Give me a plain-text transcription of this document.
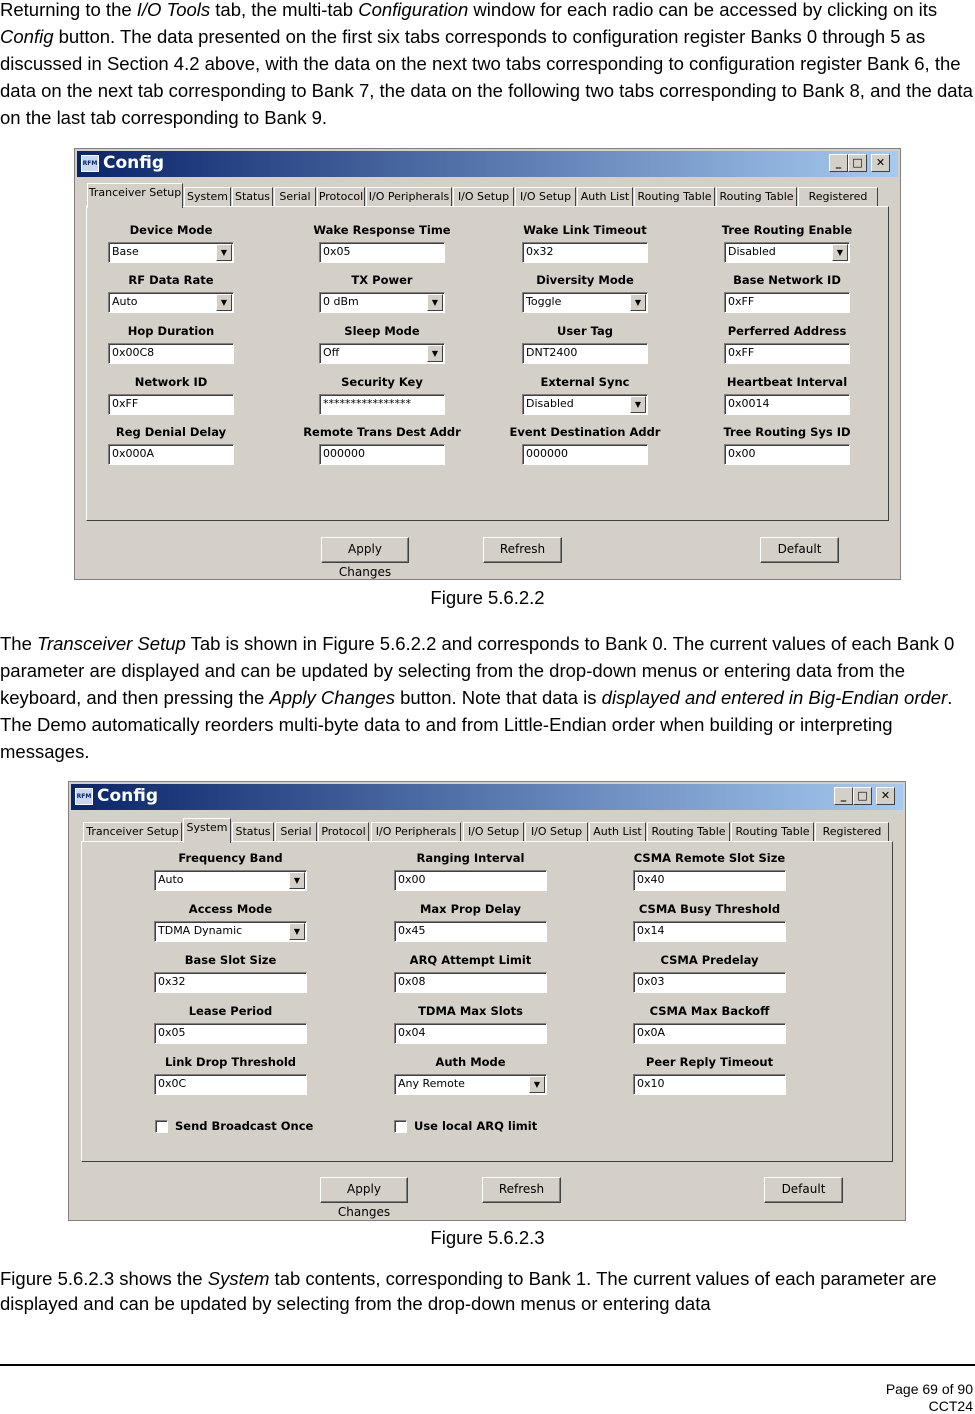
Returning to the I/O Tools tab, the multi-tab Configuration window for each radio can be accessed by clicking on its Config button. The data presented on the first six tabs corresponds to configuration register Banks 0 through 5 as discussed in Section 4.2 above, with the data on the next two tabs corresponding to configuration register Bank 6, the data on the next tab corresponding to Bank 7, the data on the following two tabs corresponding to Bank 8, and the data on the last tab corresponding to Bank 9.

RFM Config	_	□	✕
Tranceiver Setup System Status Serial Protocol I/O Peripherals I/O Setup I/O Setup Auth List Routing Table Routing Table	Registered
Device Mode
Base	▼
Wake Response Time
0x05
Wake Link Timeout
0x32
Tree Routing Enable
Disabled	▼
RF Data Rate
Auto	▼
TX Power
0 dBm	▼
Diversity Mode
Toggle	▼
Base Network ID
0xFF
Hop Duration
0x00C8
Sleep Mode
Off	▼
User Tag
DNT2400
Perferred Address
0xFF
Network ID
0xFF
Security Key
****************
External Sync
Disabled	▼
Heartbeat Interval
0x0014
Reg Denial Delay
0x000A
Remote Trans Dest Addr
000000
Event Destination Addr
000000
Tree Routing Sys ID
0x00
Apply Changes
Refresh	Default
Figure 5.6.2.2

The Transceiver Setup Tab is shown in Figure 5.6.2.2 and corresponds to Bank 0. The current values of each Bank 0 parameter are displayed and can be updated by selecting from the drop-down menus or entering data from the keyboard, and then pressing the Apply Changes button. Note that data is displayed and entered in Big-Endian order. The Demo automatically reorders multi-byte data to and from Little-Endian order when building or interpreting messages.

RFM Config	_	□	✕
Tranceiver Setup System Status Serial Protocol I/O Peripherals	I/O Setup	I/O Setup	Auth List Routing Table Routing Table	Registered
Frequency Band
Auto	▼
Ranging Interval
0x00
CSMA Remote Slot Size
0x40
Access Mode
TDMA Dynamic	▼
Max Prop Delay
0x45
CSMA Busy Threshold
0x14
Base Slot Size
0x32
ARQ Attempt Limit
0x08
CSMA Predelay
0x03
Lease Period
0x05
TDMA Max Slots
0x04
CSMA Max Backoff
0x0A
Link Drop Threshold
0x0C
Auth Mode
Any Remote	▼
Peer Reply Timeout
0x10
Send Broadcast Once	Use local ARQ limit
Apply Changes
Refresh	Default
Figure 5.6.2.3

Figure 5.6.2.3 shows the System tab contents, corresponding to Bank 1. The current values of each parameter are displayed and can be updated by selecting from the drop-down menus or entering data

Page 69 of 90
CCT24
